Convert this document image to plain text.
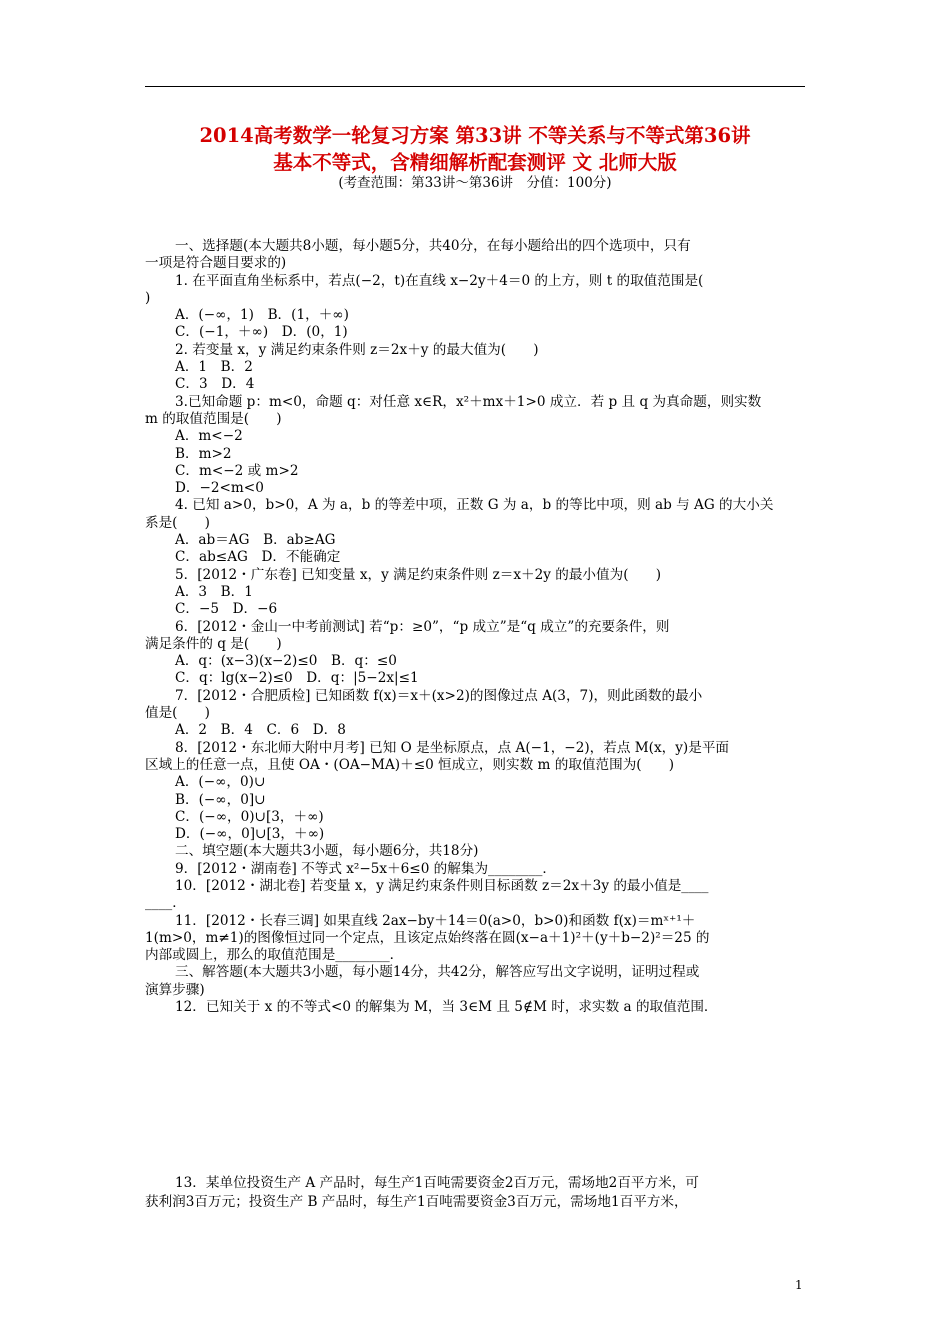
2014高考数学一轮复习方案 第33讲 不等关系与不等式第36讲
基本不等式，含精细解析配套测评 文 北师大版
(考查范围：第33讲～第36讲　分值：100分)
一、选择题(本大题共8小题，每小题5分，共40分，在每小题给出的四个选项中，只有
一项是符合题目要求的)
1. 在平面直角坐标系中，若点(−2，t)在直线 x−2y＋4＝0 的上方，则 t 的取值范围是(
)
A．(−∞，1)　B．(1，＋∞)
C．(−1，＋∞)　D．(0，1)
2. 若变量 x，y 满足约束条件则 z＝2x＋y 的最大值为(　　)
A．1　B．2
C．3　D．4
3.已知命题 p：m<0，命题 q：对任意 x∈R，x²＋mx＋1>0 成立．若 p 且 q 为真命题，则实数
m 的取值范围是(　　)
A．m<−2
B．m>2
C．m<−2 或 m>2
D．−2<m<0
4. 已知 a>0，b>0，A 为 a，b 的等差中项，正数 G 为 a，b 的等比中项，则 ab 与 AG 的大小关
系是(　　)
A．ab＝AG　B．ab≥AG
C．ab≤AG　D．不能确定
5．[2012・广东卷] 已知变量 x，y 满足约束条件则 z＝x＋2y 的最小值为(　　)
A．3　B．1
C．−5　D．−6
6．[2012・金山一中考前测试] 若“p：≥0”，“p 成立”是“q 成立”的充要条件，则
满足条件的 q 是(　　)
A．q：(x−3)(x−2)≤0　B．q：≤0
C．q：lg(x−2)≤0　D．q：|5−2x|≤1
7．[2012・合肥质检] 已知函数 f(x)＝x＋(x>2)的图像过点 A(3，7)，则此函数的最小
值是(　　)
A．2　B．4　C．6　D．8
8．[2012・东北师大附中月考] 已知 O 是坐标原点，点 A(−1，−2)，若点 M(x，y)是平面
区域上的任意一点，且使 OA・(OA−MA)＋≤0 恒成立，则实数 m 的取值范围为(　　)
A．(−∞，0)∪
B．(−∞，0]∪
C．(−∞，0)∪[3，＋∞)
D．(−∞，0]∪[3，＋∞)
二、填空题(本大题共3小题，每小题6分，共18分)
9．[2012・湖南卷] 不等式 x²−5x＋6≤0 的解集为________．
10．[2012・湖北卷] 若变量 x，y 满足约束条件则目标函数 z＝2x＋3y 的最小值是____
____．
11．[2012・长春三调] 如果直线 2ax−by＋14＝0(a>0，b>0)和函数 f(x)＝mˣ⁺¹＋
1(m>0，m≠1)的图像恒过同一个定点，且该定点始终落在圆(x−a＋1)²＋(y＋b−2)²＝25 的
内部或圆上，那么的取值范围是________．
三、解答题(本大题共3小题，每小题14分，共42分，解答应写出文字说明，证明过程或
演算步骤)
12．已知关于 x 的不等式<0 的解集为 M，当 3∈M 且 5∉M 时，求实数 a 的取值范围．
13．某单位投资生产 A 产品时，每生产1百吨需要资金2百万元，需场地2百平方米，可
获利润3百万元；投资生产 B 产品时，每生产1百吨需要资金3百万元，需场地1百平方米，
1
